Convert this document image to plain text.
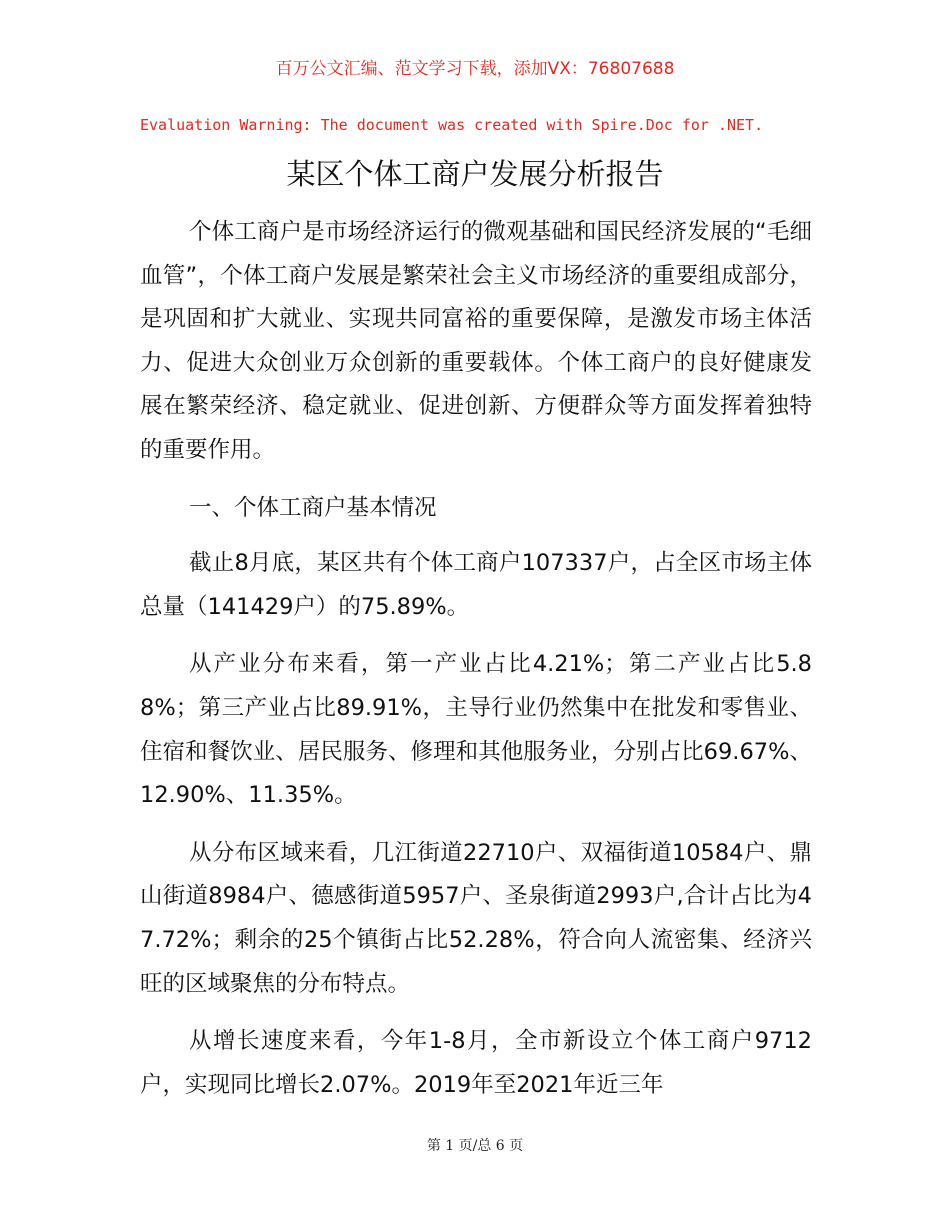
百万公文汇编、范文学习下载，添加VX：76807688
Evaluation Warning: The document was created with Spire.Doc for .NET.
某区个体工商户发展分析报告

个体工商户是市场经济运行的微观基础和国民经济发展的“毛细血管”，个体工商户发展是繁荣社会主义市场经济的重要组成部分，是巩固和扩大就业、实现共同富裕的重要保障，是激发市场主体活力、促进大众创业万众创新的重要载体。个体工商户的良好健康发展在繁荣经济、稳定就业、促进创新、方便群众等方面发挥着独特的重要作用。

一、个体工商户基本情况

截止8月底，某区共有个体工商户107337户，占全区市场主体总量（141429户）的75.89%。

从产业分布来看，第一产业占比4.21%；第二产业占比5.88%；第三产业占比89.91%，主导行业仍然集中在批发和零售业、住宿和餐饮业、居民服务、修理和其他服务业，分别占比69.67%、12.90%、11.35%。

从分布区域来看，几江街道22710户、双福街道10584户、鼎山街道8984户、德感街道5957户、圣泉街道2993户,合计占比为47.72%；剩余的25个镇街占比52.28%，符合向人流密集、经济兴旺的区域聚焦的分布特点。

从增长速度来看，今年1-8月，全市新设立个体工商户9712户，实现同比增长2.07%。2019年至2021年近三年

第 1 页/总 6 页
